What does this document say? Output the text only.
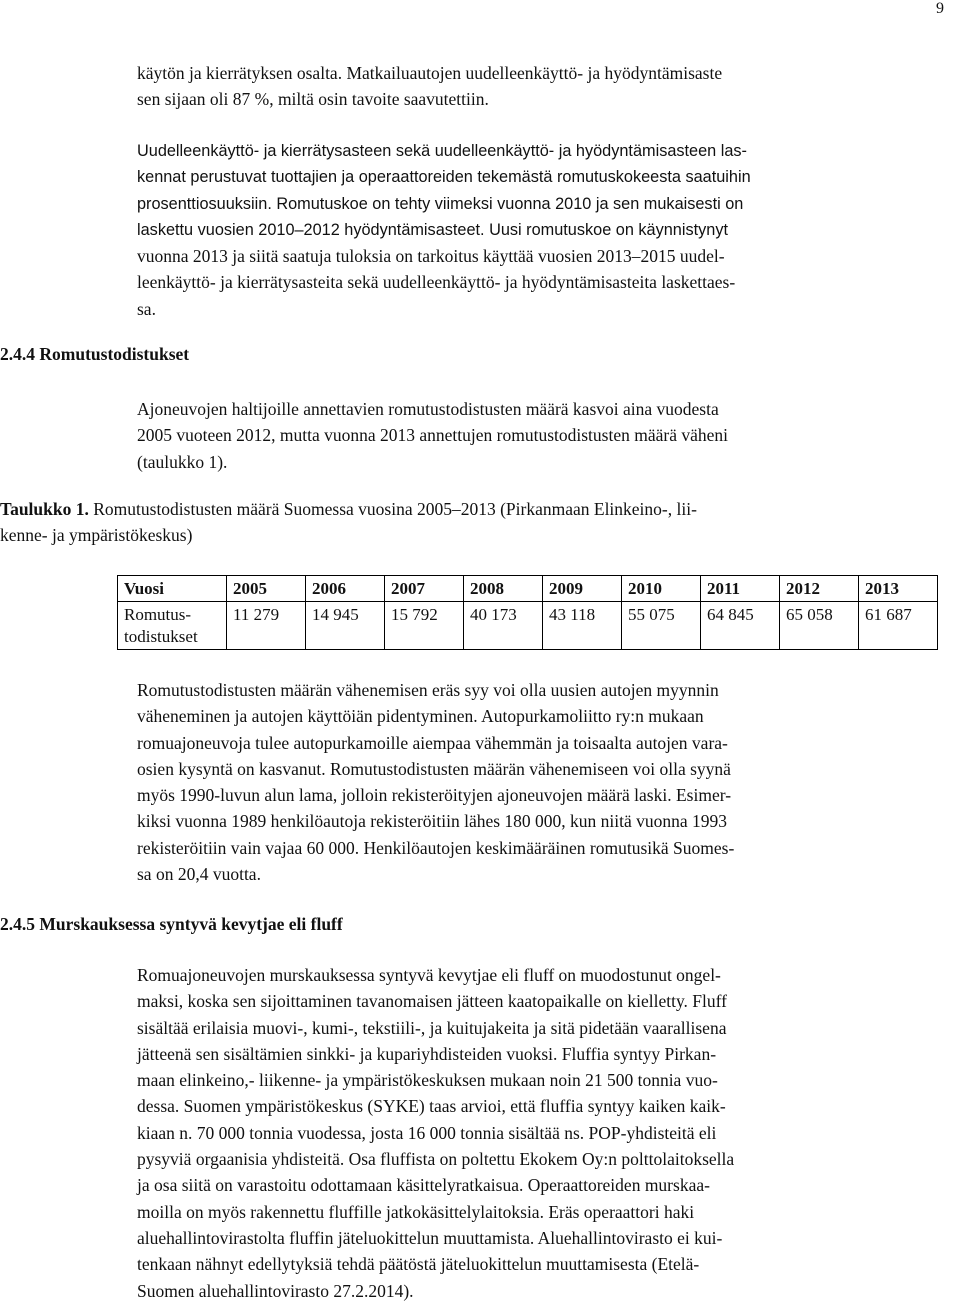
9
käytön ja kierrätyksen osalta. Matkailuautojen uudelleenkäyttö- ja hyödyntämisaste
sen sijaan oli 87 %, miltä osin tavoite saavutettiin.
Uudelleenkäyttö- ja kierrätysasteen sekä uudelleenkäyttö- ja hyödyntämisasteen las-
kennat perustuvat tuottajien ja operaattoreiden tekemästä romutuskokeesta saatuihin
prosenttiosuuksiin. Romutuskoe on tehty viimeksi vuonna 2010 ja sen mukaisesti on
laskettu vuosien 2010–2012 hyödyntämisasteet. Uusi romutuskoe on käynnistynyt
vuonna 2013 ja siitä saatuja tuloksia on tarkoitus käyttää vuosien 2013–2015 uudel-
leenkäyttö- ja kierrätysasteita sekä uudelleenkäyttö- ja hyödyntämisasteita laskettaes-
sa.
2.4.4 Romutustodistukset
Ajoneuvojen haltijoille annettavien romutustodistusten määrä kasvoi aina vuodesta
2005 vuoteen 2012, mutta vuonna 2013 annettujen romutustodistusten määrä väheni
(taulukko 1).
Taulukko 1. Romutustodistusten määrä Suomessa vuosina 2005–2013 (Pirkanmaan Elinkeino-, lii-
kenne- ja ympäristökeskus)
Vuosi	2005	2006	2007	2008	2009	2010	2011	2012	2013
Romutus-todistukset	11 279	14 945	15 792	40 173	43 118	55 075	64 845	65 058	61 687
Romutustodistusten määrän vähenemisen eräs syy voi olla uusien autojen myynnin
väheneminen ja autojen käyttöiän pidentyminen. Autopurkamoliitto ry:n mukaan
romuajoneuvoja tulee autopurkamoille aiempaa vähemmän ja toisaalta autojen vara-
osien kysyntä on kasvanut. Romutustodistusten määrän vähenemiseen voi olla syynä
myös 1990-luvun alun lama, jolloin rekisteröityjen ajoneuvojen määrä laski. Esimer-
kiksi vuonna 1989 henkilöautoja rekisteröitiin lähes 180 000, kun niitä vuonna 1993
rekisteröitiin vain vajaa 60 000. Henkilöautojen keskimääräinen romutusikä Suomes-
sa on 20,4 vuotta.
2.4.5 Murskauksessa syntyvä kevytjae eli fluff
Romuajoneuvojen murskauksessa syntyvä kevytjae eli fluff on muodostunut ongel-
maksi, koska sen sijoittaminen tavanomaisen jätteen kaatopaikalle on kielletty. Fluff
sisältää erilaisia muovi-, kumi-, tekstiili-, ja kuitujakeita ja sitä pidetään vaarallisena
jätteenä sen sisältämien sinkki- ja kupariyhdisteiden vuoksi. Fluffia syntyy Pirkan-
maan elinkeino,- liikenne- ja ympäristökeskuksen mukaan noin 21 500 tonnia vuo-
dessa. Suomen ympäristökeskus (SYKE) taas arvioi, että fluffia syntyy kaiken kaik-
kiaan n. 70 000 tonnia vuodessa, josta 16 000 tonnia sisältää ns. POP-yhdisteitä eli
pysyviä orgaanisia yhdisteitä. Osa fluffista on poltettu Ekokem Oy:n polttolaitoksella
ja osa siitä on varastoitu odottamaan käsittelyratkaisua. Operaattoreiden murskaa-
moilla on myös rakennettu fluffille jatkokäsittelylaitoksia. Eräs operaattori haki
aluehallintovirastolta fluffin jäteluokittelun muuttamista. Aluehallintovirasto ei kui-
tenkaan nähnyt edellytyksiä tehdä päätöstä jäteluokittelun muuttamisesta (Etelä-
Suomen aluehallintovirasto 27.2.2014).
